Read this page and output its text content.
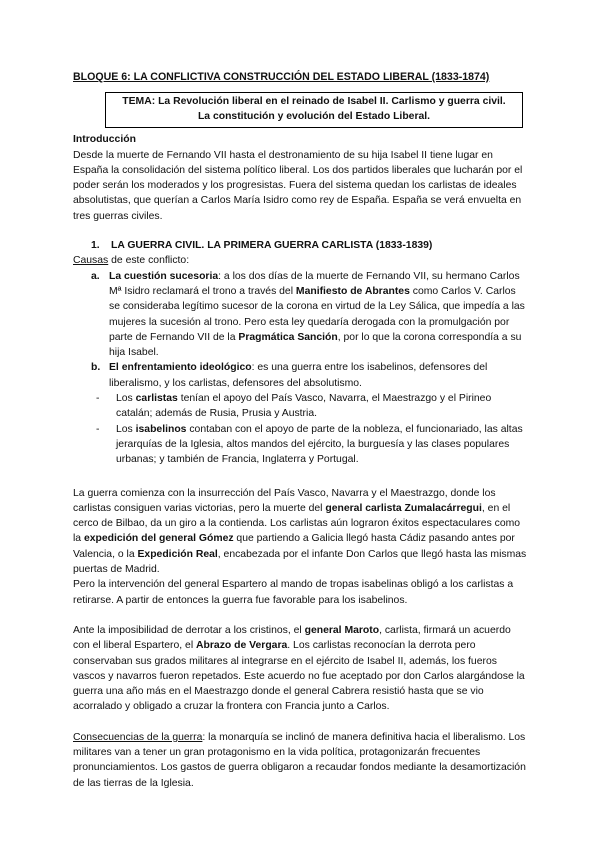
BLOQUE 6: LA CONFLICTIVA CONSTRUCCIÓN DEL ESTADO LIBERAL (1833-1874)

TEMA: La Revolución liberal en el reinado de Isabel II. Carlismo y guerra civil.
La constitución y evolución del Estado Liberal.
Introducción

Desde la muerte de Fernando VII hasta el destronamiento de su hija Isabel II tiene lugar en España la consolidación del sistema político liberal. Los dos partidos liberales que lucharán por el poder serán los moderados y los progresistas. Fuera del sistema quedan los carlistas de ideales absolutistas, que querían a Carlos María Isidro como rey de España. España se verá envuelta en tres guerras civiles.

1. LA GUERRA CIVIL. LA PRIMERA GUERRA CARLISTA (1833-1839)

Causas de este conflicto:

a. La cuestión sucesoria: a los dos días de la muerte de Fernando VII, su hermano Carlos Mª Isidro reclamará el trono a través del Manifiesto de Abrantes como Carlos V. Carlos se consideraba legítimo sucesor de la corona en virtud de la Ley Sálica, que impedía a las mujeres la sucesión al trono. Pero esta ley quedaría derogada con la promulgación por parte de Fernando VII de la Pragmática Sanción, por lo que la corona correspondía a su hija Isabel.
b. El enfrentamiento ideológico: es una guerra entre los isabelinos, defensores del liberalismo, y los carlistas, defensores del absolutismo.
- Los carlistas tenían el apoyo del País Vasco, Navarra, el Maestrazgo y el Pirineo catalán; además de Rusia, Prusia y Austria.
- Los isabelinos contaban con el apoyo de parte de la nobleza, el funcionariado, las altas jerarquías de la Iglesia, altos mandos del ejército, la burguesía y las clases populares urbanas; y también de Francia, Inglaterra y Portugal.

La guerra comienza con la insurrección del País Vasco, Navarra y el Maestrazgo, donde los carlistas consiguen varias victorias, pero la muerte del general carlista Zumalacárregui, en el cerco de Bilbao, da un giro a la contienda. Los carlistas aún lograron éxitos espectaculares como la expedición del general Gómez que partiendo a Galicia llegó hasta Cádiz pasando antes por Valencia, o la Expedición Real, encabezada por el infante Don Carlos que llegó hasta las mismas puertas de Madrid.

Pero la intervención del general Espartero al mando de tropas isabelinas obligó a los carlistas a retirarse. A partir de entonces la guerra fue favorable para los isabelinos.

Ante la imposibilidad de derrotar a los cristinos, el general Maroto, carlista, firmará un acuerdo con el liberal Espartero, el Abrazo de Vergara. Los carlistas reconocían la derrota pero conservaban sus grados militares al integrarse en el ejército de Isabel II, además, los fueros vascos y navarros fueron repetados. Este acuerdo no fue aceptado por don Carlos alargándose la guerra una año más en el Maestrazgo donde el general Cabrera resistió hasta que se vio acorralado y obligado a cruzar la frontera con Francia junto a Carlos.

Consecuencias de la guerra: la monarquía se inclinó de manera definitiva hacia el liberalismo. Los militares van a tener un gran protagonismo en la vida política, protagonizarán frecuentes pronunciamientos. Los gastos de guerra obligaron a recaudar fondos mediante la desamortización de las tierras de la Iglesia.
